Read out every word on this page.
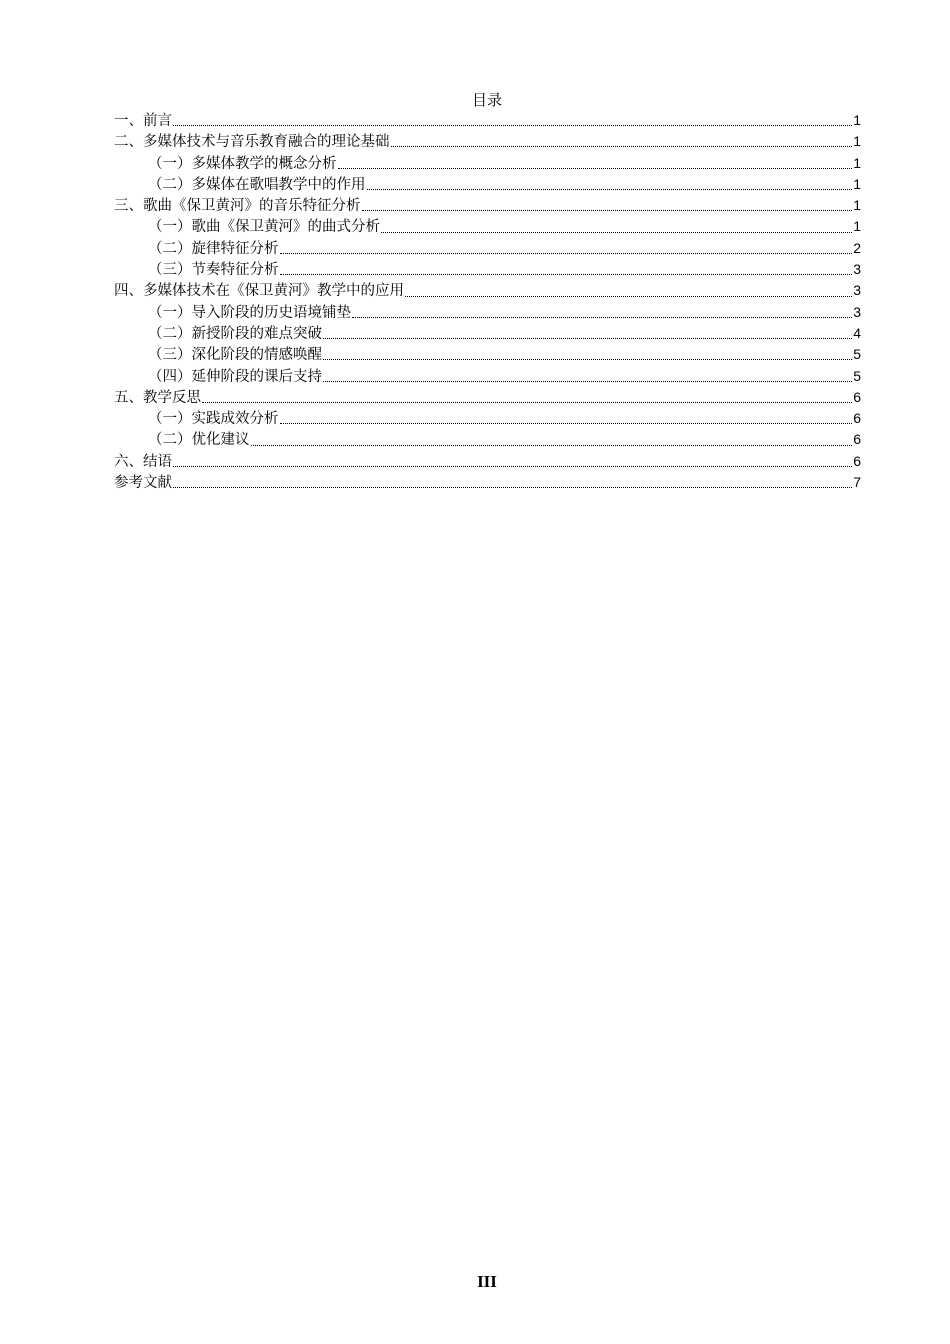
目录
一、前言	1
二、多媒体技术与音乐教育融合的理论基础	1
（一）多媒体教学的概念分析	1
（二）多媒体在歌唱教学中的作用	1
三、歌曲《保卫黄河》的音乐特征分析	1
（一）歌曲《保卫黄河》的曲式分析	1
（二）旋律特征分析	2
（三）节奏特征分析	3
四、多媒体技术在《保卫黄河》教学中的应用	3
（一）导入阶段的历史语境铺垫	3
（二）新授阶段的难点突破	4
（三）深化阶段的情感唤醒	5
（四）延伸阶段的课后支持	5
五、教学反思	6
（一）实践成效分析	6
（二）优化建议	6
六、结语	6
参考文献	7
III
